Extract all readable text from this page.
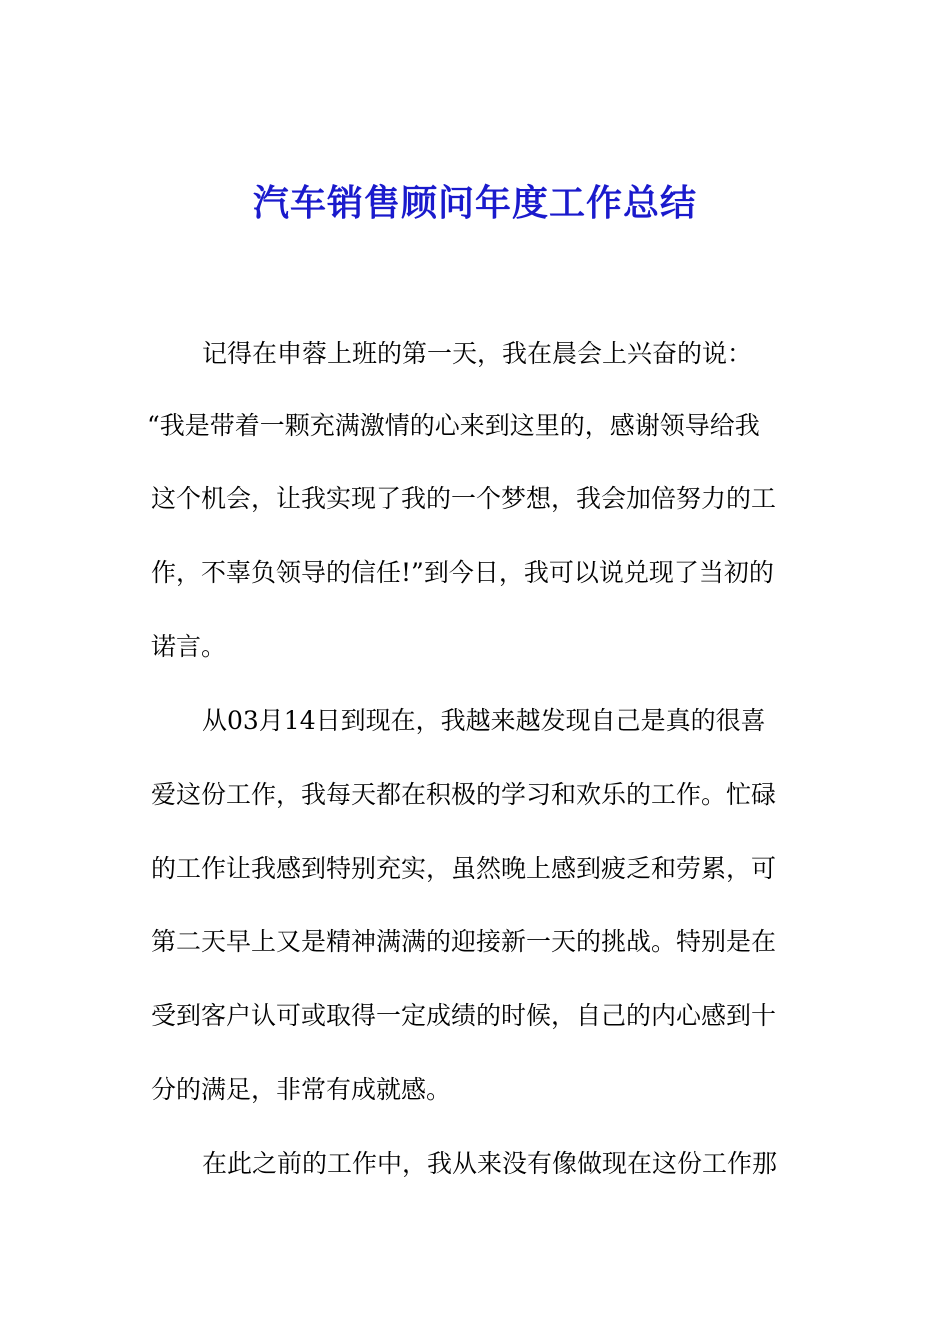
汽车销售顾问年度工作总结
记得在申蓉上班的第一天，我在晨会上兴奋的说：
“我是带着一颗充满激情的心来到这里的，感谢领导给我
这个机会，让我实现了我的一个梦想，我会加倍努力的工
作，不辜负领导的信任!”到今日，我可以说兑现了当初的
诺言。
从03月14日到现在，我越来越发现自己是真的很喜
爱这份工作，我每天都在积极的学习和欢乐的工作。忙碌
的工作让我感到特别充实，虽然晚上感到疲乏和劳累，可
第二天早上又是精神满满的迎接新一天的挑战。特别是在
受到客户认可或取得一定成绩的时候，自己的内心感到十
分的满足，非常有成就感。
在此之前的工作中，我从来没有像做现在这份工作那
